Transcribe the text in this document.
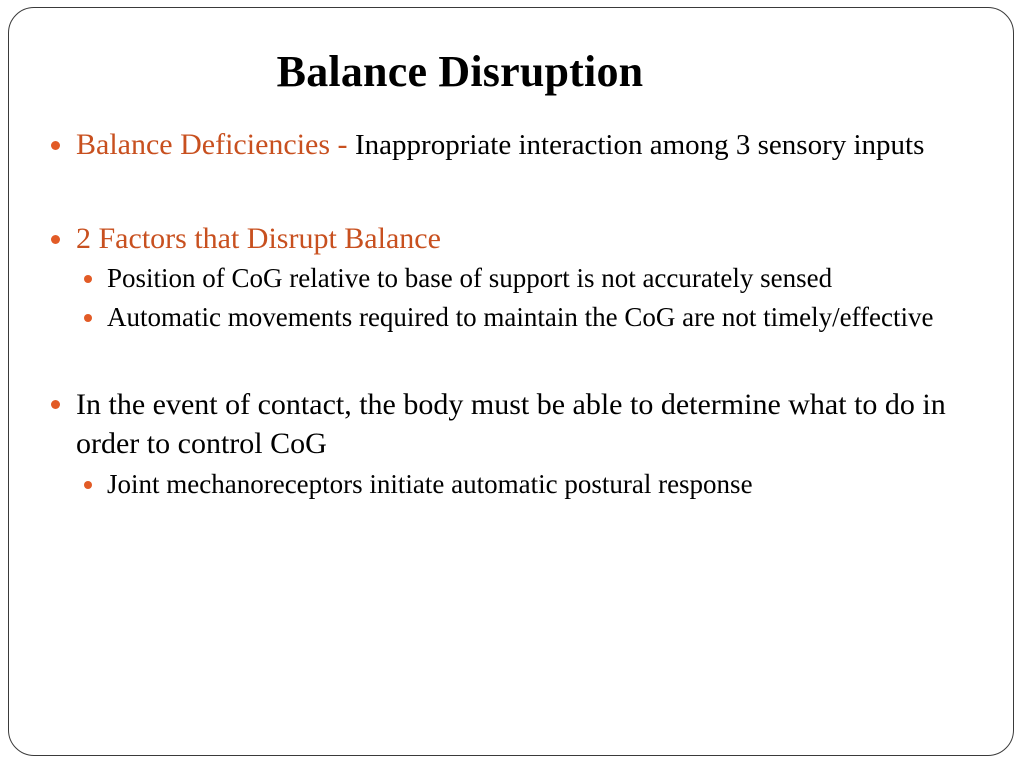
Balance Disruption
Balance Deficiencies - Inappropriate interaction among 3 sensory inputs
2 Factors that Disrupt Balance
Position of CoG relative to base of support is not accurately sensed
Automatic movements required to maintain the CoG are not timely/effective
In the event of contact, the body must be able to determine what to do in order to control CoG
Joint mechanoreceptors initiate automatic postural response
